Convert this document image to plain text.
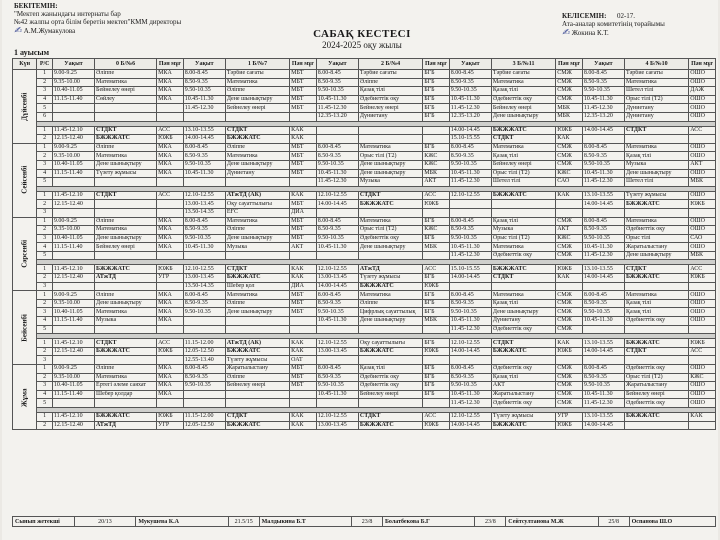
БЕКІТЕМІН:
"Мектеп жанындағы интернаты бар
№42 жалпы орта білім беретін мектеп"КММ директоры
✍︎ А.М.Жумакулова
КЕЛІСЕМІН: 02-17.
Ата-аналар комитетінің төрайымы
✍︎ Жокина К.Т.
САБАҚ КЕСТЕСІ
2024-2025 оқу жылы
1 ауысым
Күн	Р/С	Уақыт	0 Б/№6	Пән мұғ	Уақыт	1 Б/№7	Пән мұғ	Уақыт	2 Б/№4	Пән мұғ	Уақыт	3 Б/№11	Пән мұғ	Уақыт	4 Б/№10	Пән мұғ
Дүйсенбі	1	9.00-9.25	Әліппе	МКА	8.00-8.45	Тәрбие сағаты	МБТ	8.00-8.45	Тәрбие сағаты	БГБ	8.00-8.45	Тәрбие сағаты	СМЖ	8.00-8.45	Тәрбие сағаты	ОШО
	2	9.35-10.00	Математика	МКА	8.50-9.35	Математика	МБТ	8.50-9.35	Әліппе	БГБ	8.50-9.35	Математика	СМЖ	8.50-9.35	Математика	ОШО
	3	10.40-11.05	Бейнелеу өнері	МКА	9.50-10.35	Әліппе	МБТ	9.50-10.35	Қазақ тілі	БГБ	9.50-10.35	Қазақ тілі	СМЖ	9.50-10.35	Шетел тілі	ДАЖ
	4	11.15-11.40	Сөйлеу	МКА	10.45-11.30	Дене шынықтыру	МБТ	10.45-11.30	Әдебиеттік оқу	БГБ	10.45-11.30	Әдебиеттік оқу	СМЖ	10.45-11.30	Орыс тілі (Т2)	ОШО
	5				11.45-12.30	Бейнелеу өнері	МБТ	11.45-12.30	Бейнелеу өнері	БГБ	11.45-12.30	Бейнелеу өнері	МБК	11.45-12.30	Дүниетану	ОШО
	6							12.35-13.20	Дүниетану	БГБ	12.35-13.20	Дене шынықтыру	МБК	12.35-13.20	Дүниетану	ОШО

	1	11.45-12.10	СТДКТ	АСС	13.10-13.55	СТДКТ	КАК				14.00-14.45	БЖЖЖАТС	ЮЖБ	14.00-14.45	СТДКТ	АСС
	2	12.15-12.40	БЖЖЖАТС	ЮЖБ	14.00-14.45	БЖЖЖАТС	КАК				15.10-15.55	СТДКТ	КАК			
Сейсенбі	1	9.00-9.25	Әліппе	МКА	8.00-8.45	Әліппе	МБТ	8.00-8.45	Математика	БГБ	8.00-8.45	Математика	СМЖ	8.00-8.45	Математика	ОШО
	2	9.35-10.00	Математика	МКА	8.50-9.35	Математика	МБТ	8.50-9.35	Орыс тілі (Т2)	КЖС	8.50-9.35	Қазақ тілі	СМЖ	8.50-9.35	Қазақ тілі	ОШО
	3	10.40-11.05	Дене шынықтыру	МКА	9.50-10.35	Дене шынықтыру	МБТ	9.50-10.35	Дене шынықтыру	КЖС	9.50-10.35	Бейнелеу өнері	СМЖ	9.50-10.35	Музыка	АКТ
	4	11.15-11.40	Түзету жұмысы	МКА	10.45-11.30	Дүниетану	МБТ	10.45-11.30	Дене шынықтыру	МБК	10.45-11.30	Орыс тілі (Т2)	КЖС	10.45-11.30	Дене шынықтыру	ОШО
	5							11.45-12.30	Музыка	АКТ	11.45-12.30	Шетел тілі	САО	11.45-12.30	Шетел тілі	МБК

	1	11.45-12.10	СТДКТ	АСС	12.10-12.55	АТжТД (АК)	КАК	12.10-12.55	СТДКТ	АСС	12.10-12.55	БЖЖЖАТС	КАК	13.10-13.55	Түзету жұмысы	ОШО
	2	12.15-12.40			13.00-13.45	Оқу сауаттылығы	МБТ	14.00-14.45	БЖЖЖАТС	ЮЖБ				14.00-14.45	БЖЖЖАТС	ЮЖБ
	3				13.50-14.35	ЕҒС	ДИА									
Сәрсенбі	1	9.00-9.25	Әліппе	МКА	8.00-8.45	Математика	МБТ	8.00-8.45	Математика	БГБ	8.00-8.45	Қазақ тілі	СМЖ	8.00-8.45	Математика	ОШО
	2	9.35-10.00	Математика	МКА	8.50-9.35	Әліппе	МБТ	8.50-9.35	Орыс тілі (Т2)	КЖС	8.50-9.35	Музыка	АКТ	8.50-9.35	Әдебиеттік оқу	ОШО
	3	10.40-11.05	Дене шынықтыру	МКА	9.50-10.35	Дене шынықтыру	МБТ	9.50-10.35	Әдебиеттік оқу	БГБ	9.50-10.35	Орыс тілі (Т2)	КЖС	9.50-10.35	Орыс тілі	САО
	4	11.15-11.40	Бейнелеу өнері	МКА	10.45-11.30	Музыка	АКТ	10.45-11.30	Дене шынықтыру	МБК	10.45-11.30	Математика	СМЖ	10.45-11.30	Жаратылыстану	ОШО
	5										11.45-12.30	Әдебиеттік оқу	СМЖ	11.45-12.30	Дене шынықтыру	МБК

	1	11.45-12.10	БЖЖЖАТС	ЮЖБ	12.10-12.55	СТДКТ	КАК	12.10-12.55	АТжТД	АСС	15.10-15.55	БЖЖЖАТС	ЮЖБ	13.10-13.55	СТДКТ	АСС
	2	12.15-12.40	АТжТД	УГР	13.00-13.45	БЖЖЖАТС	КАК	13.00-13.45	Түзету жұмысы	БГБ	14.00-14.45	СТДКТ	КАК	14.00-14.45	БЖЖЖАТС	ЮЖБ
	3				13.50-14.35	Шебер қол	ДИА	14.00-14.45	БЖЖЖАТС	ЮЖБ						
Бейсенбі	1	9.00-9.25	Әліппе	МКА	8.00-8.45	Математика	МБТ	8.00-8.45	Математика	БГБ	8.00-8.45	Математика	СМЖ	8.00-8.45	Математика	ОШО
	2	9.35-10.00	Дене шынықтыру	МКА	8.50-9.35	Әліппе	МБТ	8.50-9.35	Әліппе	БГБ	8.50-9.35	Қазақ тілі	СМЖ	8.50-9.35	Қазақ тілі	ОШО
	3	10.40-11.05	Математика	МКА	9.50-10.35	Дене шынықтыру	МБТ	9.50-10.35	Цифрлық сауаттылық	БГБ	9.50-10.35	Дене шынықтыру	СМЖ	9.50-10.35	Қазақ тілі	ОШО
	4	11.15-11.40	Музыка	МКА				10.45-11.30	Дене шынықтыру	МБК	10.45-11.30	Дүниетану	СМЖ	10.45-11.30	Әдебиеттік оқу	ОШО
	5										11.45-12.30	Әдебиеттік оқу	СМЖ			

	1	11.45-12.10	СТДКТ	АСС	11.15-12.00	АТжТД (АК)	КАК	12.10-12.55	Оқу сауаттылығы	БГБ	12.10-12.55	СТДКТ	КАК	13.10-13.55	БЖЖЖАТС	ЮЖБ
	2	12.15-12.40	БЖЖЖАТС	ЮЖБ	12.05-12.50	БЖЖЖАТС	КАК	13.00-13.45	БЖЖЖАТС	ЮЖБ	14.00-14.45	БЖЖЖАТС	ЮЖБ	14.00-14.45	СТДКТ	АСС
	3				12.55-13.40	Түзету жұмысы	ОАТ									
Жұма	1	9.00-9.25	Әліппе	МКА	8.00-8.45	Жаратылыстану	МБТ	8.00-8.45	Қазақ тілі	БГБ	8.00-8.45	Әдебиеттік оқу	СМЖ	8.00-8.45	Әдебиеттік оқу	ОШО
	2	9.35-10.00	Математика	МКА	8.50-9.35	Әліппе	МБТ	8.50-9.35	Әдебиеттік оқу	БГБ	8.50-9.35	Қазақ тілі	СМЖ	8.50-9.35	Орыс тілі (Т2)	КЖС
	3	10.40-11.05	Ертегі әлеме саяхат	МКА	9.50-10.35	Бейнелеу өнері	МБТ	9.50-10.35	Әдебиеттік оқу	БГБ	9.50-10.35	АКТ	СМЖ	9.50-10.35	Жаратылыстану	ОШО
	4	11.15-11.40	Шебер қолдар	МКА				10.45-11.30	Бейнелеу өнері	БГБ	10.45-11.30	Жаратылыстану	СМЖ	10.45-11.30	Бейнелеу өнері	ОШО
	5										11.45-12.30	Әдебиеттік оқу	СМЖ	11.45-12.30	Әдебиеттік оқу	ОШО

	1	11.45-12.10	БЖЖЖАТС	ЮЖБ	11.15-12.00	СТДКТ	КАК	12.10-12.55	СТДКТ	АСС	12.10-12.55	Түзету жұмысы	УГР	13.10-13.55	БЖЖЖАТС	КАК
	2	12.15-12.40	АТжТД	УГР	12.05-12.50	БЖЖЖАТС	КАК	13.00-13.45	БЖЖЖАТС	ЮЖБ	14.00-14.45	БЖЖЖАТС	ЮЖБ	14.00-14.45		
Сынып жетекші	20/13	Мукушева К.А	21.5/15	Малдыкина Б.Т	23/8	Болатбекова Б.Г	23/8	Сейтсултанова М.Ж	25/8	Оспанова Ш.О
